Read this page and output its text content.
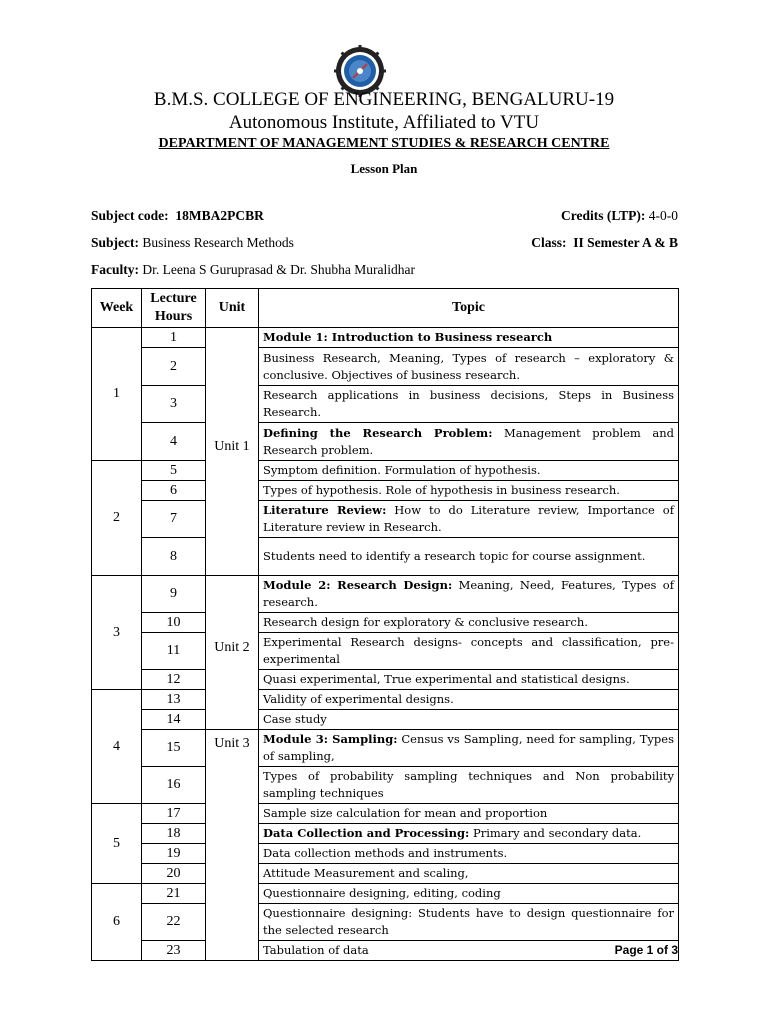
B.M.S. COLLEGE OF ENGINEERING, BENGALURU-19
Autonomous Institute, Affiliated to VTU
DEPARTMENT OF MANAGEMENT STUDIES & RESEARCH CENTRE
Lesson Plan
Subject code: 18MBA2PCBR	Credits (LTP): 4-0-0
Subject: Business Research Methods	Class: II Semester A & B
Faculty: Dr. Leena S Guruprasad & Dr. Shubha Muralidhar
Week	Lecture Hours	Unit	Topic
1	1	Unit 1	Module 1: Introduction to Business research
	2		Business Research, Meaning, Types of research – exploratory & conclusive. Objectives of business research.
	3		Research applications in business decisions, Steps in Business Research.
	4		Defining the Research Problem: Management problem and Research problem.
2	5		Symptom definition. Formulation of hypothesis.
	6		Types of hypothesis. Role of hypothesis in business research.
	7		Literature Review: How to do Literature review, Importance of Literature review in Research.
	8		Students need to identify a research topic for course assignment.
3	9	Unit 2	Module 2: Research Design: Meaning, Need, Features, Types of research.
	10		Research design for exploratory & conclusive research.
	11		Experimental Research designs- concepts and classification, pre-experimental
	12		Quasi experimental, True experimental and statistical designs.
4	13		Validity of experimental designs.
	14		Case study
	15	Unit 3	Module 3: Sampling: Census vs Sampling, need for sampling, Types of sampling,
	16		Types of probability sampling techniques and Non probability sampling techniques
5	17		Sample size calculation for mean and proportion
	18		Data Collection and Processing: Primary and secondary data.
	19		Data collection methods and instruments.
	20		Attitude Measurement and scaling,
6	21		Questionnaire designing, editing, coding
	22		Questionnaire designing: Students have to design questionnaire for the selected research
	23		Tabulation of data	Page 1 of 3
